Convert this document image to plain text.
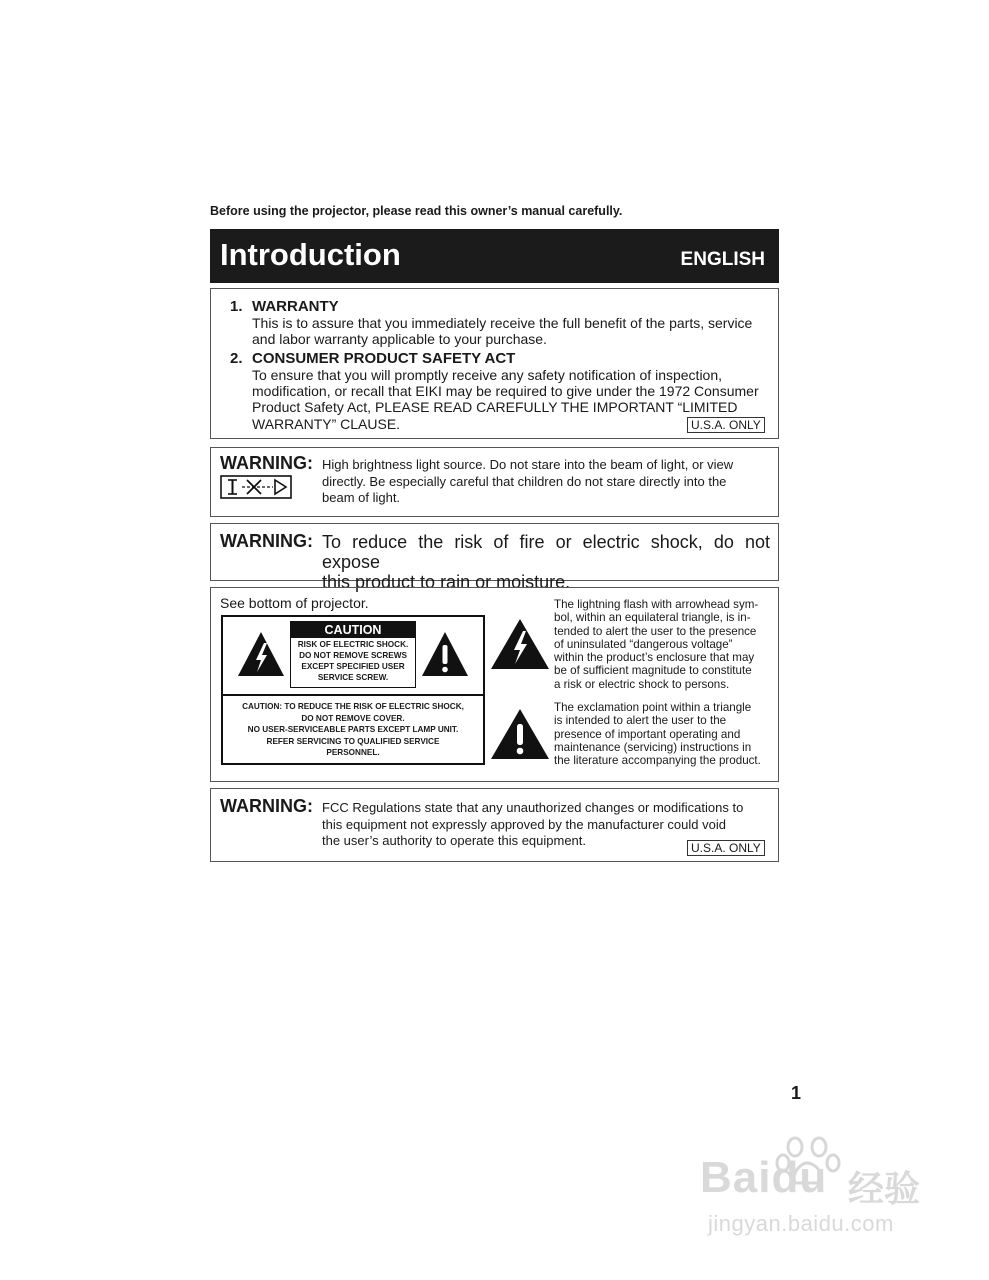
Before using the projector, please read this owner’s manual carefully.
Introduction	ENGLISH
1. WARRANTY
This is to assure that you immediately receive the full benefit of the parts, service
and labor warranty applicable to your purchase.
2. CONSUMER PRODUCT SAFETY ACT
To ensure that you will promptly receive any safety notification of inspection,
modification, or recall that EIKI may be required to give under the 1972 Consumer
Product Safety Act, PLEASE READ CAREFULLY THE IMPORTANT “LIMITED
WARRANTY” CLAUSE.	U.S.A. ONLY
WARNING: High brightness light source. Do not stare into the beam of light, or view
directly. Be especially careful that children do not stare directly into the
beam of light.
WARNING: To reduce the risk of fire or electric shock, do not expose
this product to rain or moisture.
See bottom of projector.
CAUTION
RISK OF ELECTRIC SHOCK.
DO NOT REMOVE SCREWS
EXCEPT SPECIFIED USER
SERVICE SCREW.
CAUTION: TO REDUCE THE RISK OF ELECTRIC SHOCK,
DO NOT REMOVE COVER.
NO USER-SERVICEABLE PARTS EXCEPT LAMP UNIT.
REFER SERVICING TO QUALIFIED SERVICE
PERSONNEL.
The lightning flash with arrowhead sym-
bol, within an equilateral triangle, is in-
tended to alert the user to the presence
of uninsulated “dangerous voltage”
within the product’s enclosure that may
be of sufficient magnitude to constitute
a risk or electric shock to persons.
The exclamation point within a triangle
is intended to alert the user to the
presence of important operating and
maintenance (servicing) instructions in
the literature accompanying the product.
WARNING: FCC Regulations state that any unauthorized changes or modifications to
this equipment not expressly approved by the manufacturer could void
the user’s authority to operate this equipment.	U.S.A. ONLY
1
Baidu 经验
jingyan.baidu.com
